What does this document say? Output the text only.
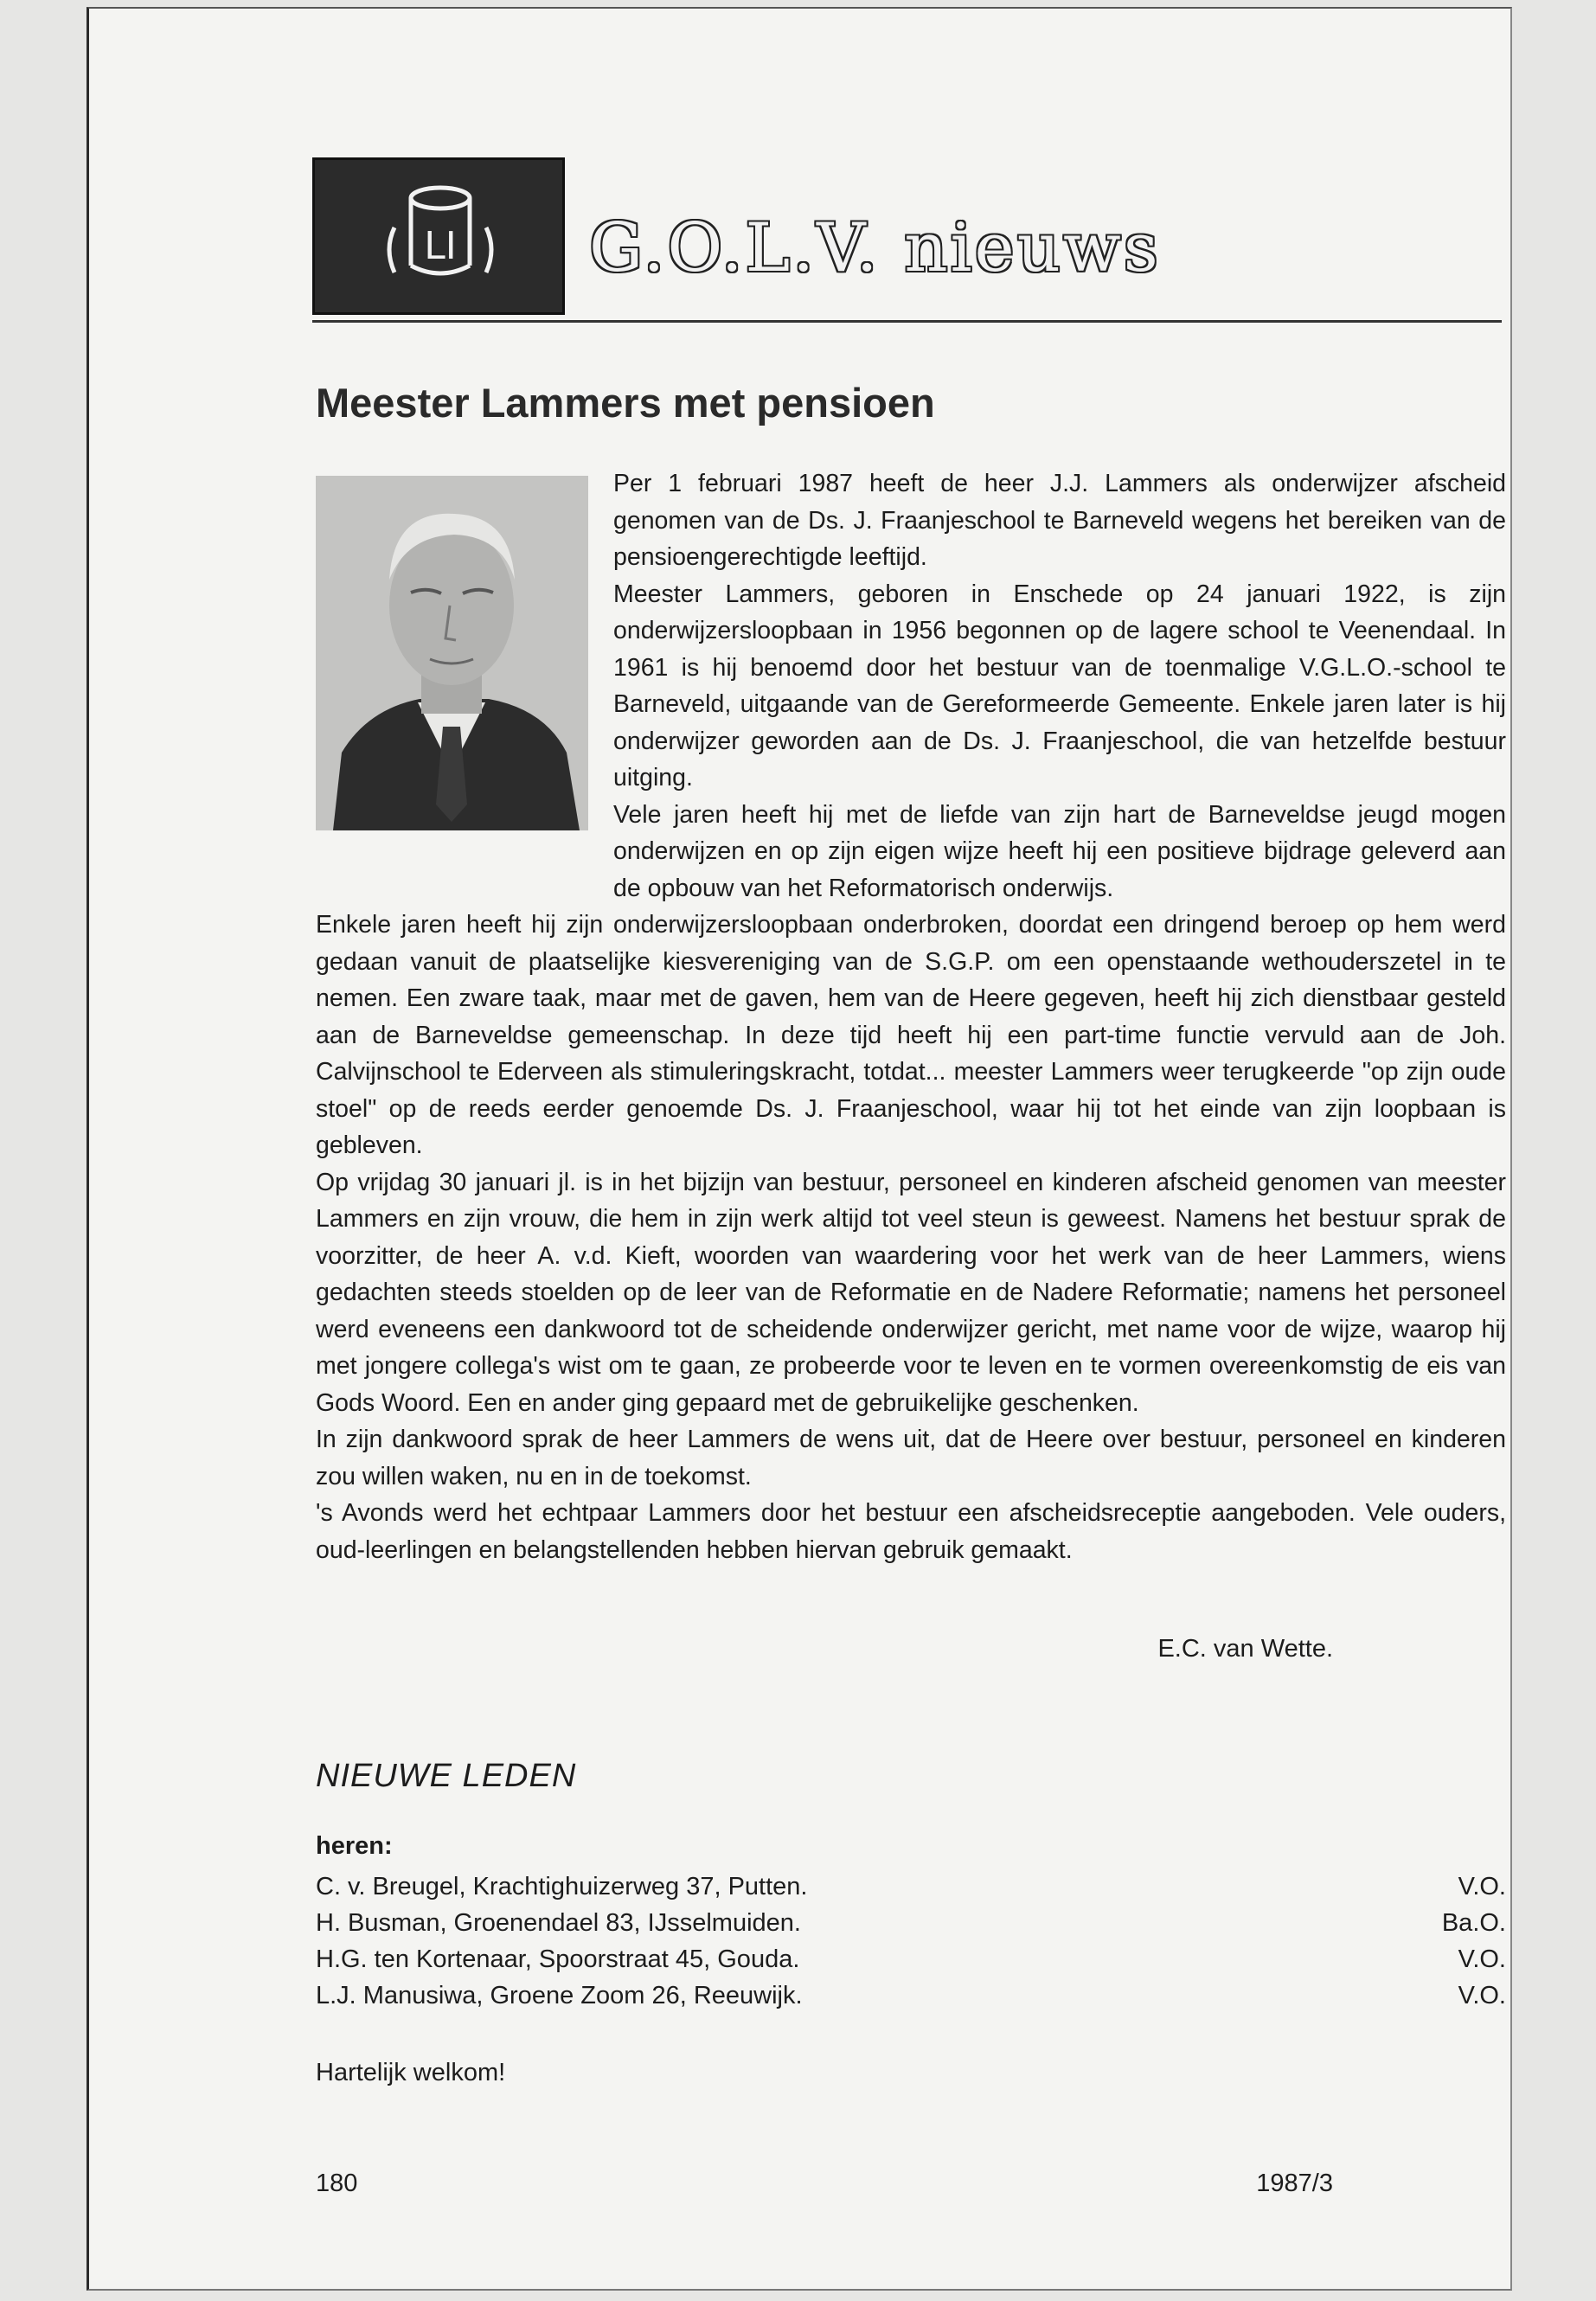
LI G.O.L.V. nieuws
Meester Lammers met pensioen

Per 1 februari 1987 heeft de heer J.J. Lammers als onderwijzer afscheid genomen van de Ds. J. Fraanjeschool te Barneveld wegens het bereiken van de pensioengerechtigde leeftijd.

Meester Lammers, geboren in Enschede op 24 januari 1922, is zijn onderwijzersloopbaan in 1956 begonnen op de lagere school te Veenendaal. In 1961 is hij benoemd door het bestuur van de toenmalige V.G.L.O.-school te Barneveld, uitgaande van de Gereformeerde Gemeente. Enkele jaren later is hij onderwijzer geworden aan de Ds. J. Fraanjeschool, die van hetzelfde bestuur uitging.

Vele jaren heeft hij met de liefde van zijn hart de Barneveldse jeugd mogen onderwijzen en op zijn eigen wijze heeft hij een positieve bijdrage geleverd aan de opbouw van het Reformatorisch onderwijs.

Enkele jaren heeft hij zijn onderwijzersloopbaan onderbroken, doordat een dringend beroep op hem werd gedaan vanuit de plaatselijke kiesvereniging van de S.G.P. om een openstaande wethouderszetel in te nemen. Een zware taak, maar met de gaven, hem van de Heere gegeven, heeft hij zich dienstbaar gesteld aan de Barneveldse gemeenschap. In deze tijd heeft hij een part-time functie vervuld aan de Joh. Calvijnschool te Ederveen als stimuleringskracht, totdat... meester Lammers weer terugkeerde "op zijn oude stoel" op de reeds eerder genoemde Ds. J. Fraanjeschool, waar hij tot het einde van zijn loopbaan is gebleven.

Op vrijdag 30 januari jl. is in het bijzijn van bestuur, personeel en kinderen afscheid genomen van meester Lammers en zijn vrouw, die hem in zijn werk altijd tot veel steun is geweest. Namens het bestuur sprak de voorzitter, de heer A. v.d. Kieft, woorden van waardering voor het werk van de heer Lammers, wiens gedachten steeds stoelden op de leer van de Reformatie en de Nadere Reformatie; namens het personeel werd eveneens een dankwoord tot de scheidende onderwijzer gericht, met name voor de wijze, waarop hij met jongere collega's wist om te gaan, ze probeerde voor te leven en te vormen overeenkomstig de eis van Gods Woord. Een en ander ging gepaard met de gebruikelijke geschenken.

In zijn dankwoord sprak de heer Lammers de wens uit, dat de Heere over bestuur, personeel en kinderen zou willen waken, nu en in de toekomst.

's Avonds werd het echtpaar Lammers door het bestuur een afscheidsreceptie aangeboden. Vele ouders, oud-leerlingen en belangstellenden hebben hiervan gebruik gemaakt.

E.C. van Wette.
NIEUWE LEDEN
heren:
C. v. Breugel, Krachtighuizerweg 37, Putten.	V.O.
H. Busman, Groenendael 83, IJsselmuiden.	Ba.O.
H.G. ten Kortenaar, Spoorstraat 45, Gouda.	V.O.
L.J. Manusiwa, Groene Zoom 26, Reeuwijk.	V.O.
Hartelijk welkom!
180	1987/3
